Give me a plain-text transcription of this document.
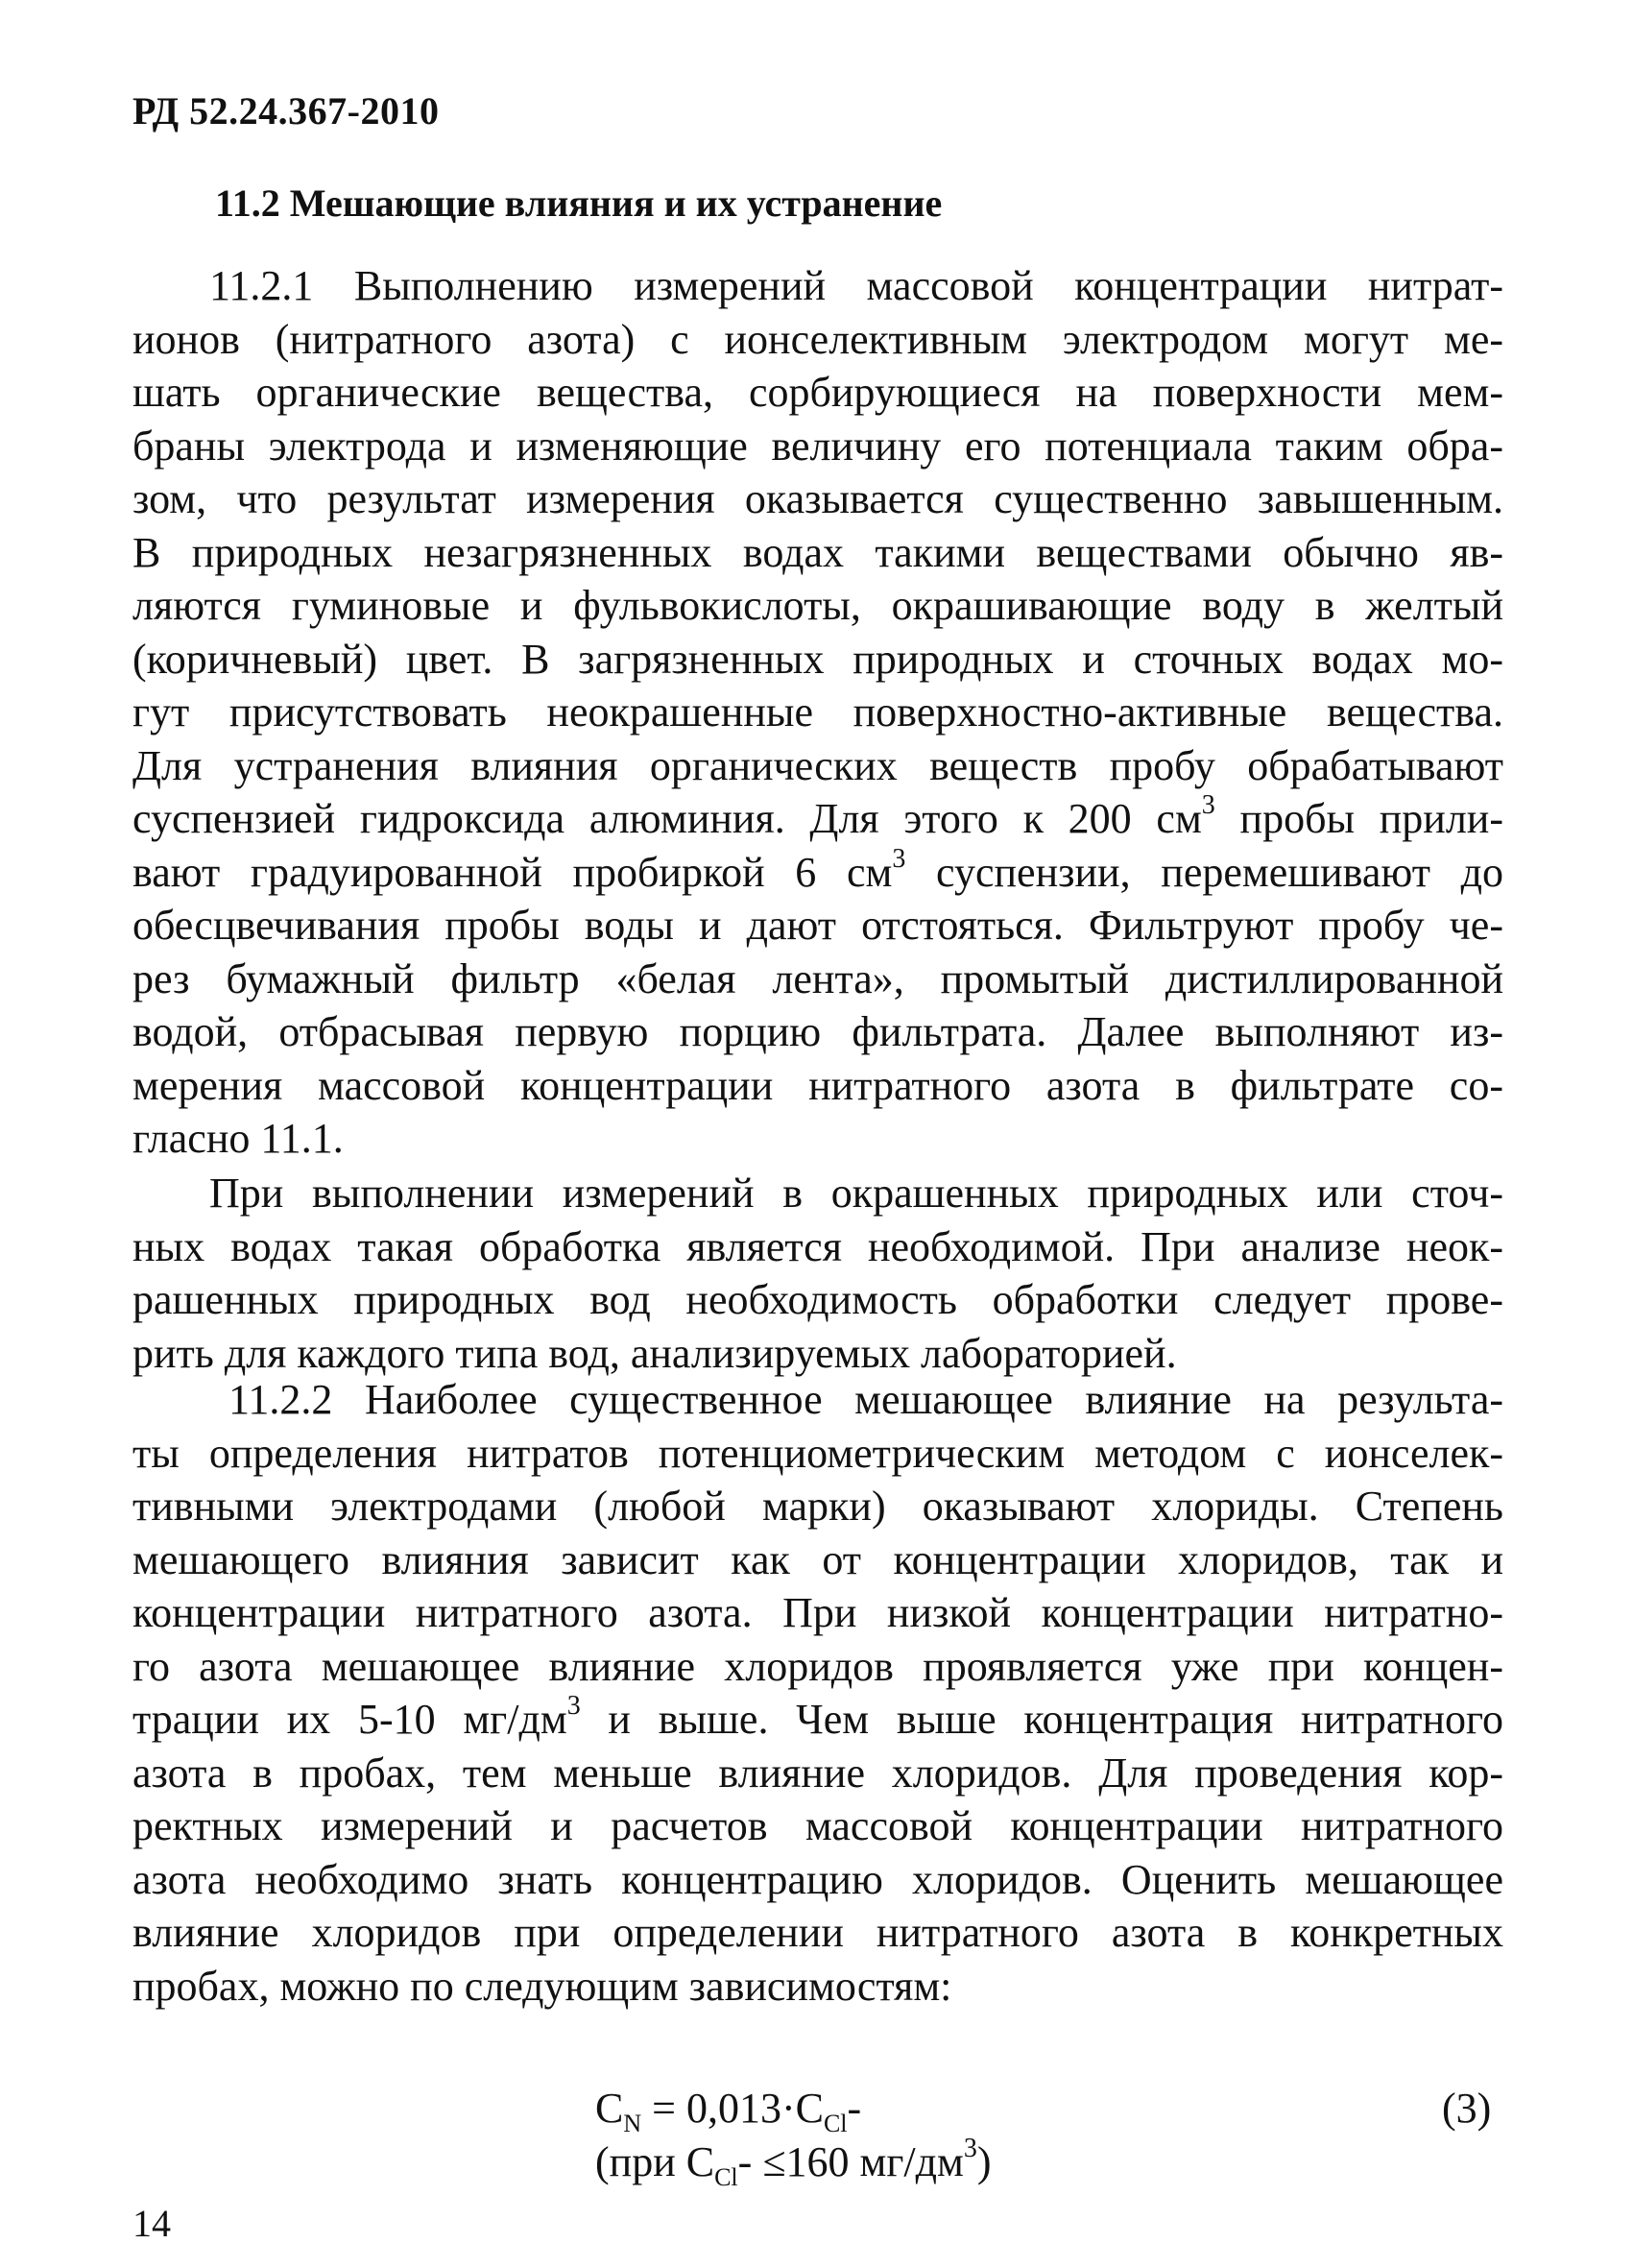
РД 52.24.367-2010
11.2 Мешающие влияния и их устранение
11.2.1 Выполнению измерений массовой концентрации нитрат-
ионов (нитратного азота) с ионселективным электродом могут ме-
шать органические вещества, сорбирующиеся на поверхности мем-
браны электрода и изменяющие величину его потенциала таким обра-
зом, что результат измерения оказывается существенно завышенным.
В природных незагрязненных водах такими веществами обычно яв-
ляются гуминовые и фульвокислоты, окрашивающие воду в желтый
(коричневый) цвет. В загрязненных природных и сточных водах мо-
гут присутствовать неокрашенные поверхностно-активные вещества.
Для устранения влияния органических веществ пробу обрабатывают
суспензией гидроксида алюминия. Для этого к 200 $см^3$ пробы прили-
вают градуированной пробиркой 6 $см^3$ суспензии, перемешивают до
обесцвечивания пробы воды и дают отстояться. Фильтруют пробу че-
рез бумажный фильтр «белая лента», промытый дистиллированной
водой, отбрасывая первую порцию фильтрата. Далее выполняют из-
мерения массовой концентрации нитратного азота в фильтрате со-
гласно 11.1.
При выполнении измерений в окрашенных природных или сточ-
ных водах такая обработка является необходимой. При анализе неок-
рашенных природных вод необходимость обработки следует прове-
рить для каждого типа вод, анализируемых лабораторией.
11.2.2 Наиболее существенное мешающее влияние на результа-
ты определения нитратов потенциометрическим методом с ионселек-
тивными электродами (любой марки) оказывают хлориды. Степень
мешающего влияния зависит как от концентрации хлоридов, так и
концентрации нитратного азота. При низкой концентрации нитратно-
го азота мешающее влияние хлоридов проявляется уже при концен-
трации их 5-10 $мг/дм^3$ и выше. Чем выше концентрация нитратного
азота в пробах, тем меньше влияние хлоридов. Для проведения кор-
ректных измерений и расчетов массовой концентрации нитратного
азота необходимо знать концентрацию хлоридов. Оценить мешающее
влияние хлоридов при определении нитратного азота в конкретных
пробах, можно по следующим зависимостям:
$C_N = 0,013\cdot C_{Cl}-$
(при $C_{Cl}- \le 160$ $мг/дм^3$)
(3)
14
